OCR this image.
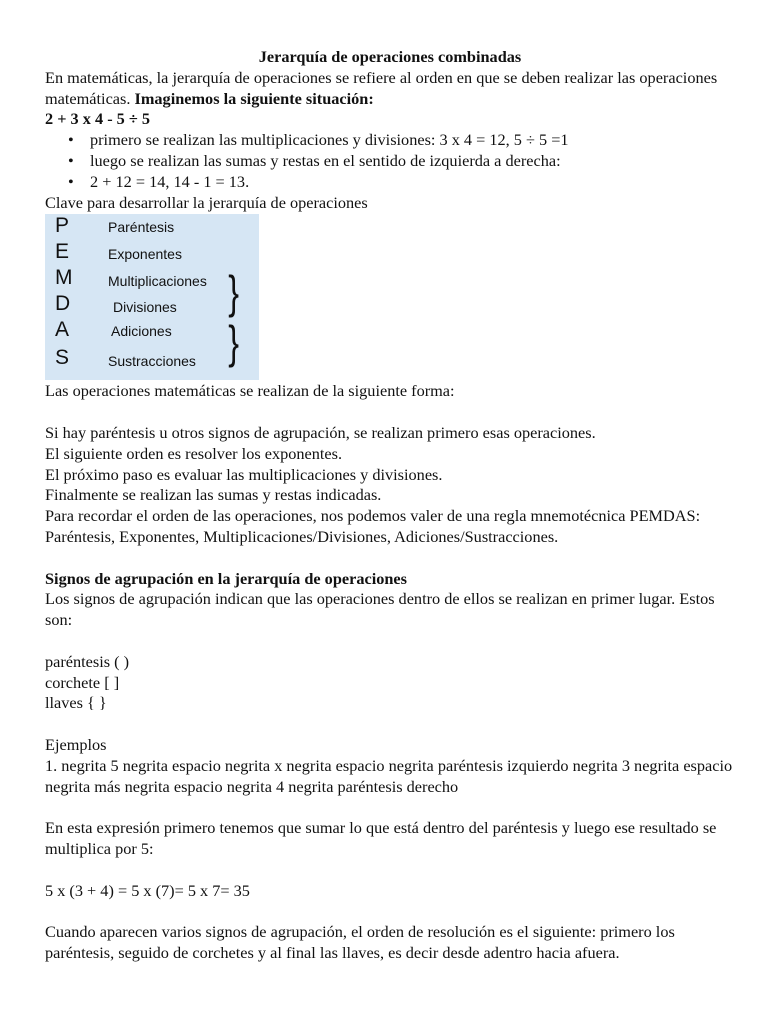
Jerarquía de operaciones combinadas

En matemáticas, la jerarquía de operaciones se refiere al orden en que se deben realizar las operaciones matemáticas. Imaginemos la siguiente situación:

2 + 3 x 4 - 5 ÷ 5

• primero se realizan las multiplicaciones y divisiones: 3 x 4 = 12, 5 ÷ 5 =1
• luego se realizan las sumas y restas en el sentido de izquierda a derecha:
• 2 + 12 = 14, 14 - 1 = 13.

Clave para desarrollar la jerarquía de operaciones

P	Paréntesis
E	Exponentes
M	Multiplicaciones
D	Divisiones
A	Adiciones
S	Sustracciones
}
}

Las operaciones matemáticas se realizan de la siguiente forma:

Si hay paréntesis u otros signos de agrupación, se realizan primero esas operaciones.

El siguiente orden es resolver los exponentes.

El próximo paso es evaluar las multiplicaciones y divisiones.

Finalmente se realizan las sumas y restas indicadas.

Para recordar el orden de las operaciones, nos podemos valer de una regla mnemotécnica PEMDAS: Paréntesis, Exponentes, Multiplicaciones/Divisiones, Adiciones/Sustracciones.

Signos de agrupación en la jerarquía de operaciones

Los signos de agrupación indican que las operaciones dentro de ellos se realizan en primer lugar. Estos son:

paréntesis ( )

corchete [ ]

llaves { }

Ejemplos

1. negrita 5 negrita espacio negrita x negrita espacio negrita paréntesis izquierdo negrita 3 negrita espacio negrita más negrita espacio negrita 4 negrita paréntesis derecho

En esta expresión primero tenemos que sumar lo que está dentro del paréntesis y luego ese resultado se multiplica por 5:

5 x (3 + 4) = 5 x (7)= 5 x 7= 35

Cuando aparecen varios signos de agrupación, el orden de resolución es el siguiente: primero los paréntesis, seguido de corchetes y al final las llaves, es decir desde adentro hacia afuera.
